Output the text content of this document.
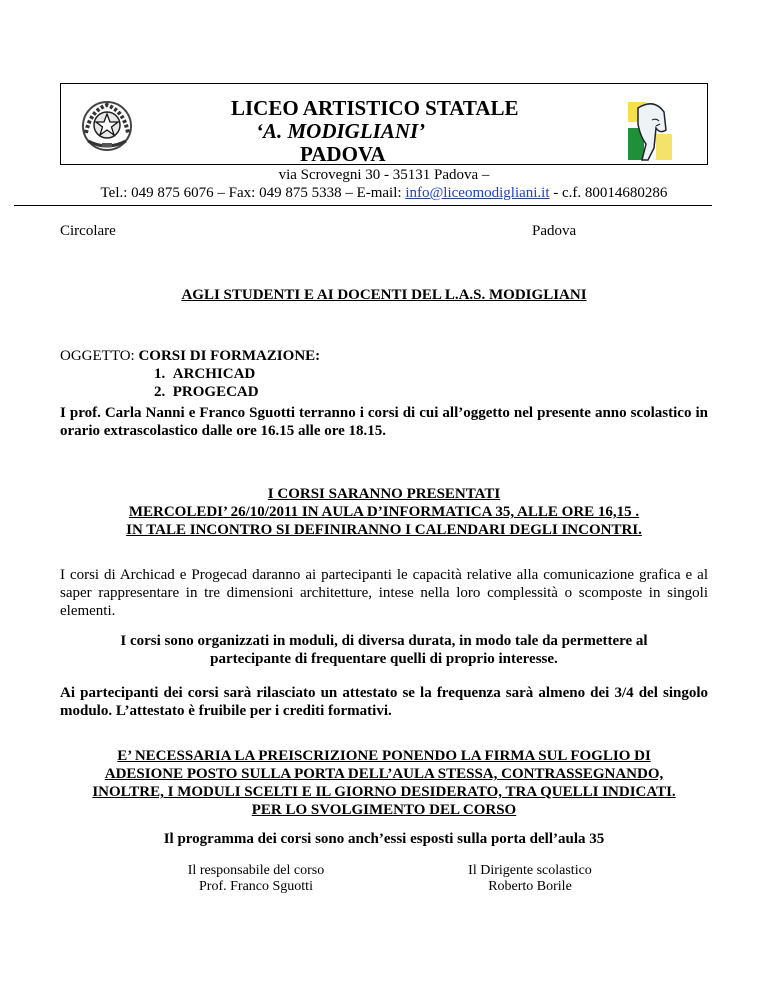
LICEO ARTISTICO STATALE
‘A. MODIGLIANI’
PADOVA
via Scrovegni 30 - 35131 Padova –
Tel.: 049 875 6076 – Fax: 049 875 5338 – E-mail: info@liceomodigliani.it - c.f. 80014680286
Circolare	Padova
AGLI STUDENTI E AI DOCENTI DEL L.A.S. MODIGLIANI
OGGETTO: CORSI DI FORMAZIONE:
1.  ARCHICAD
2.  PROGECAD
I prof. Carla Nanni e Franco Sguotti terranno i corsi di cui all’oggetto nel presente anno scolastico in orario extrascolastico dalle ore 16.15 alle ore 18.15.
I CORSI SARANNO PRESENTATI
MERCOLEDI’ 26/10/2011 IN AULA D’INFORMATICA 35, ALLE ORE 16,15 .
IN TALE INCONTRO SI DEFINIRANNO I CALENDARI DEGLI INCONTRI.
I corsi di Archicad e Progecad daranno ai partecipanti le capacità relative alla comunicazione grafica e al saper rappresentare in tre dimensioni architetture, intese nella loro complessità o scomposte in singoli elementi.
I corsi sono organizzati in moduli, di diversa durata, in modo tale da permettere al
partecipante di frequentare quelli di proprio interesse.
Ai partecipanti dei corsi sarà rilasciato un attestato se la frequenza sarà almeno dei 3/4 del singolo modulo. L’attestato è fruibile per i crediti formativi.
E’ NECESSARIA LA PREISCRIZIONE PONENDO LA FIRMA SUL FOGLIO DI
ADESIONE POSTO SULLA PORTA DELL’AULA STESSA, CONTRASSEGNANDO,
INOLTRE, I MODULI SCELTI E IL GIORNO DESIDERATO, TRA QUELLI INDICATI.
PER LO SVOLGIMENTO DEL CORSO
Il programma dei corsi sono anch’essi esposti sulla porta dell’aula 35
Il responsabile del corso
Prof. Franco Sguotti
Il Dirigente scolastico
Roberto Borile
